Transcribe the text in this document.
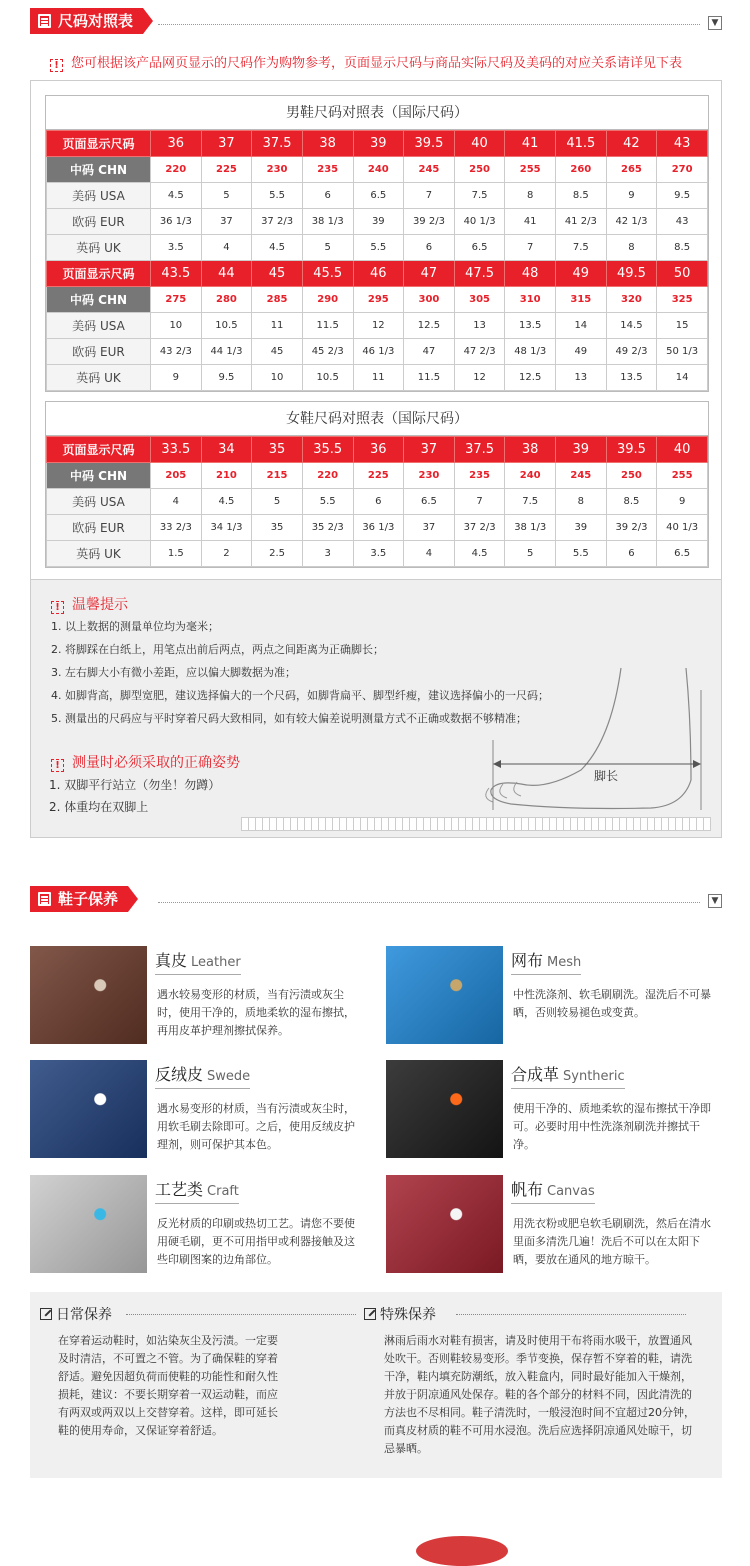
尺码对照表	▼
! 您可根据该产品网页显示的尺码作为购物参考，页面显示尺码与商品实际尺码及美码的对应关系请详见下表
男鞋尺码对照表（国际尺码）
页面显示尺码	36	37	37.5	38	39	39.5	40	41	41.5	42	43
中码 CHN	220	225	230	235	240	245	250	255	260	265	270
美码 USA	4.5	5	5.5	6	6.5	7	7.5	8	8.5	9	9.5
欧码 EUR	36 1/3	37	37 2/3	38 1/3	39	39 2/3	40 1/3	41	41 2/3	42 1/3	43
英码 UK	3.5	4	4.5	5	5.5	6	6.5	7	7.5	8	8.5
页面显示尺码	43.5	44	45	45.5	46	47	47.5	48	49	49.5	50
中码 CHN	275	280	285	290	295	300	305	310	315	320	325
美码 USA	10	10.5	11	11.5	12	12.5	13	13.5	14	14.5	15
欧码 EUR	43 2/3	44 1/3	45	45 2/3	46 1/3	47	47 2/3	48 1/3	49	49 2/3	50 1/3
英码 UK	9	9.5	10	10.5	11	11.5	12	12.5	13	13.5	14
女鞋尺码对照表（国际尺码）
页面显示尺码	33.5	34	35	35.5	36	37	37.5	38	39	39.5	40
中码 CHN	205	210	215	220	225	230	235	240	245	250	255
美码 USA	4	4.5	5	5.5	6	6.5	7	7.5	8	8.5	9
欧码 EUR	33 2/3	34 1/3	35	35 2/3	36 1/3	37	37 2/3	38 1/3	39	39 2/3	40 1/3
英码 UK	1.5	2	2.5	3	3.5	4	4.5	5	5.5	6	6.5
! 温馨提示
1. 以上数据的测量单位均为毫米；
2. 将脚踩在白纸上，用笔点出前后两点，两点之间距离为正确脚长；
3. 左右脚大小有微小差距，应以偏大脚数据为准；
4. 如脚背高，脚型宽肥，建议选择偏大的一个尺码，如脚背扁平、脚型纤瘦，建议选择偏小的一尺码；
5. 测量出的尺码应与平时穿着尺码大致相同，如有较大偏差说明测量方式不正确或数据不够精准；
! 测量时必须采取的正确姿势
1. 双脚平行站立（勿坐！勿蹲）
2. 体重均在双脚上
脚长
鞋子保养	▼
真皮 Leather
遇水较易变形的材质，当有污渍或灰尘时，使用干净的，质地柔软的湿布擦拭，再用皮革护理剂擦拭保养。
网布 Mesh
中性洗涤剂、软毛刷刷洗。湿洗后不可暴晒，否则较易褪色或变黄。
反绒皮 Swede
遇水易变形的材质，当有污渍或灰尘时，用软毛刷去除即可。之后，使用反绒皮护理剂，则可保护其本色。
合成革 Syntheric
使用干净的、质地柔软的湿布擦拭干净即可。必要时用中性洗涤剂刷洗并擦拭干净。
工艺类 Craft
反光材质的印刷或热切工艺。请您不要使用硬毛刷，更不可用指甲或利器接触及这些印刷图案的边角部位。
帆布 Canvas
用洗衣粉或肥皂软毛刷刷洗，然后在清水里面多清洗几遍！洗后不可以在太阳下晒，要放在通风的地方晾干。
日常保养
在穿着运动鞋时，如沾染灰尘及污渍。一定要及时清洁，不可置之不管。为了确保鞋的穿着舒适。避免因超负荷而使鞋的功能性和耐久性损耗，建议：不要长期穿着一双运动鞋，而应有两双或两双以上交替穿着。这样，即可延长鞋的使用寿命，又保证穿着舒适。
特殊保养
淋雨后雨水对鞋有损害，请及时使用干布将雨水吸干，放置通风处吹干。否则鞋较易变形。季节变换，保存暂不穿着的鞋，请洗干净，鞋内填充防潮纸，放入鞋盒内，同时最好能加入干燥剂，并放于阴凉通风处保存。鞋的各个部分的材料不同，因此清洗的方法也不尽相同。鞋子清洗时，一般浸泡时间不宜超过20分钟，而真皮材质的鞋不可用水浸泡。洗后应选择阴凉通风处晾干，切忌暴晒。
